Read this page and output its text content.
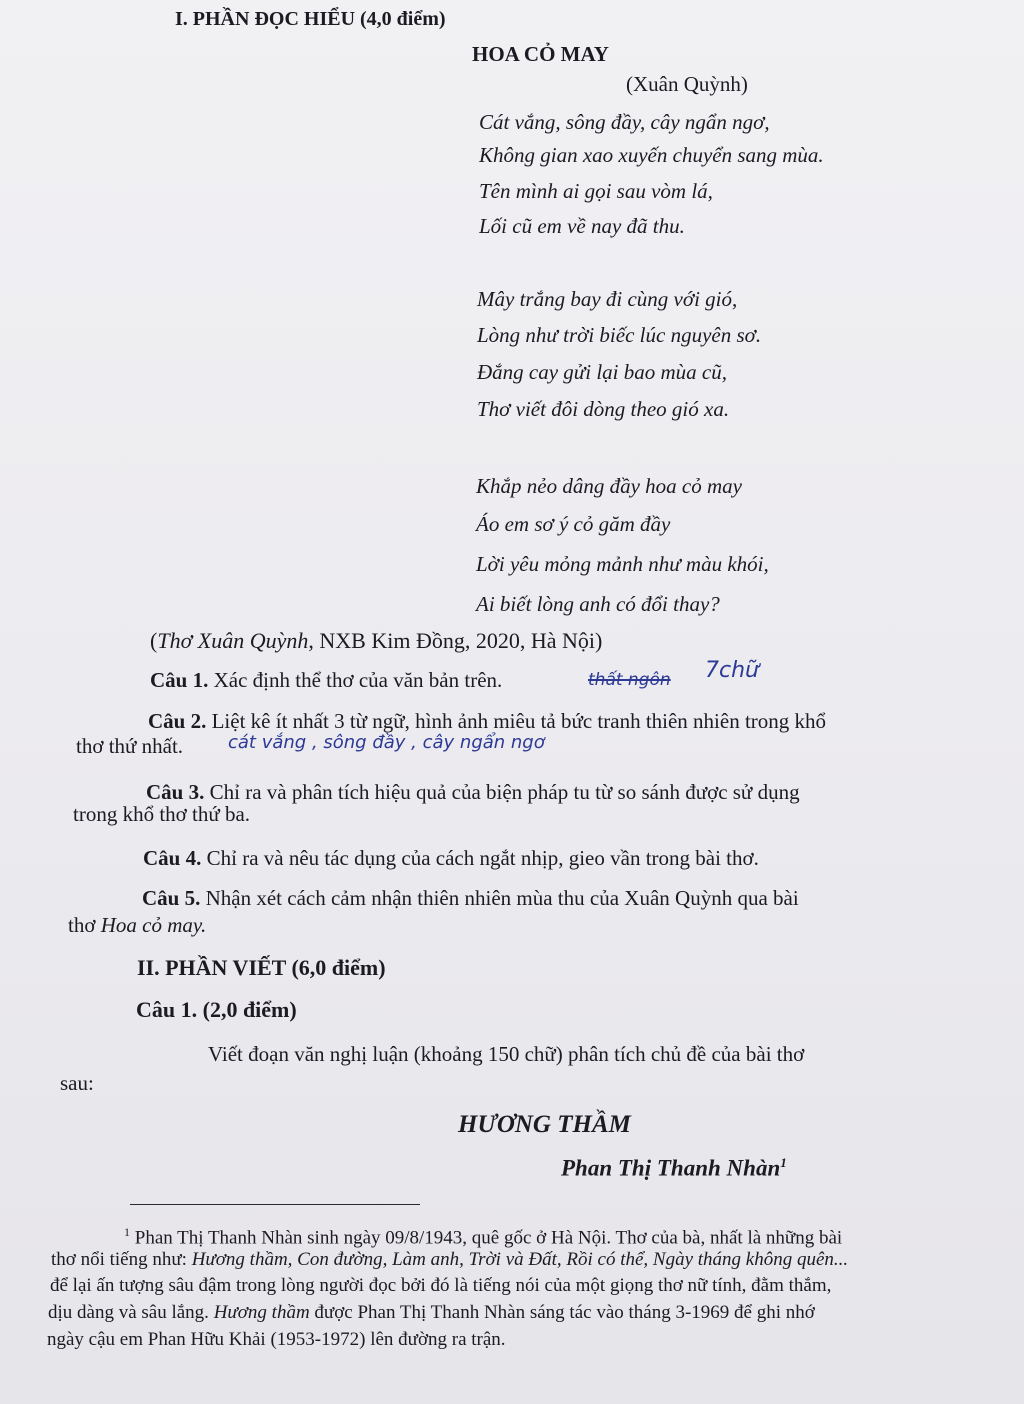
I. PHẦN ĐỌC HIỂU (4,0 điểm)
HOA CỎ MAY
(Xuân Quỳnh)
Cát vắng, sông đầy, cây ngẩn ngơ,
Không gian xao xuyến chuyển sang mùa.
Tên mình ai gọi sau vòm lá,
Lối cũ em về nay đã thu.
Mây trắng bay đi cùng với gió,
Lòng như trời biếc lúc nguyên sơ.
Đắng cay gửi lại bao mùa cũ,
Thơ viết đôi dòng theo gió xa.
Khắp nẻo dâng đầy hoa cỏ may
Áo em sơ ý cỏ găm đầy
Lời yêu mỏng mảnh như màu khói,
Ai biết lòng anh có đổi thay?
(Thơ Xuân Quỳnh, NXB Kim Đồng, 2020, Hà Nội)
Câu 1. Xác định thể thơ của văn bản trên.	thất ngôn 7chữ
Câu 2. Liệt kê ít nhất 3 từ ngữ, hình ảnh miêu tả bức tranh thiên nhiên trong khổ
thơ thứ nhất. cát vắng , sông đầy , cây ngẩn ngơ
Câu 3. Chỉ ra và phân tích hiệu quả của biện pháp tu từ so sánh được sử dụng
trong khổ thơ thứ ba.
Câu 4. Chỉ ra và nêu tác dụng của cách ngắt nhịp, gieo vần trong bài thơ.
Câu 5. Nhận xét cách cảm nhận thiên nhiên mùa thu của Xuân Quỳnh qua bài
thơ Hoa cỏ may.
II. PHẦN VIẾT (6,0 điểm)
Câu 1. (2,0 điểm)
Viết đoạn văn nghị luận (khoảng 150 chữ) phân tích chủ đề của bài thơ
sau:
HƯƠNG THẦM
Phan Thị Thanh Nhàn$^1$
$^1$ Phan Thị Thanh Nhàn sinh ngày 09/8/1943, quê gốc ở Hà Nội. Thơ của bà, nhất là những bài
thơ nổi tiếng như: Hương thầm, Con đường, Làm anh, Trời và Đất, Rồi có thể, Ngày tháng không quên...
để lại ấn tượng sâu đậm trong lòng người đọc bởi đó là tiếng nói của một giọng thơ nữ tính, đằm thắm,
dịu dàng và sâu lắng. Hương thầm được Phan Thị Thanh Nhàn sáng tác vào tháng 3-1969 để ghi nhớ
ngày cậu em Phan Hữu Khải (1953-1972) lên đường ra trận.
